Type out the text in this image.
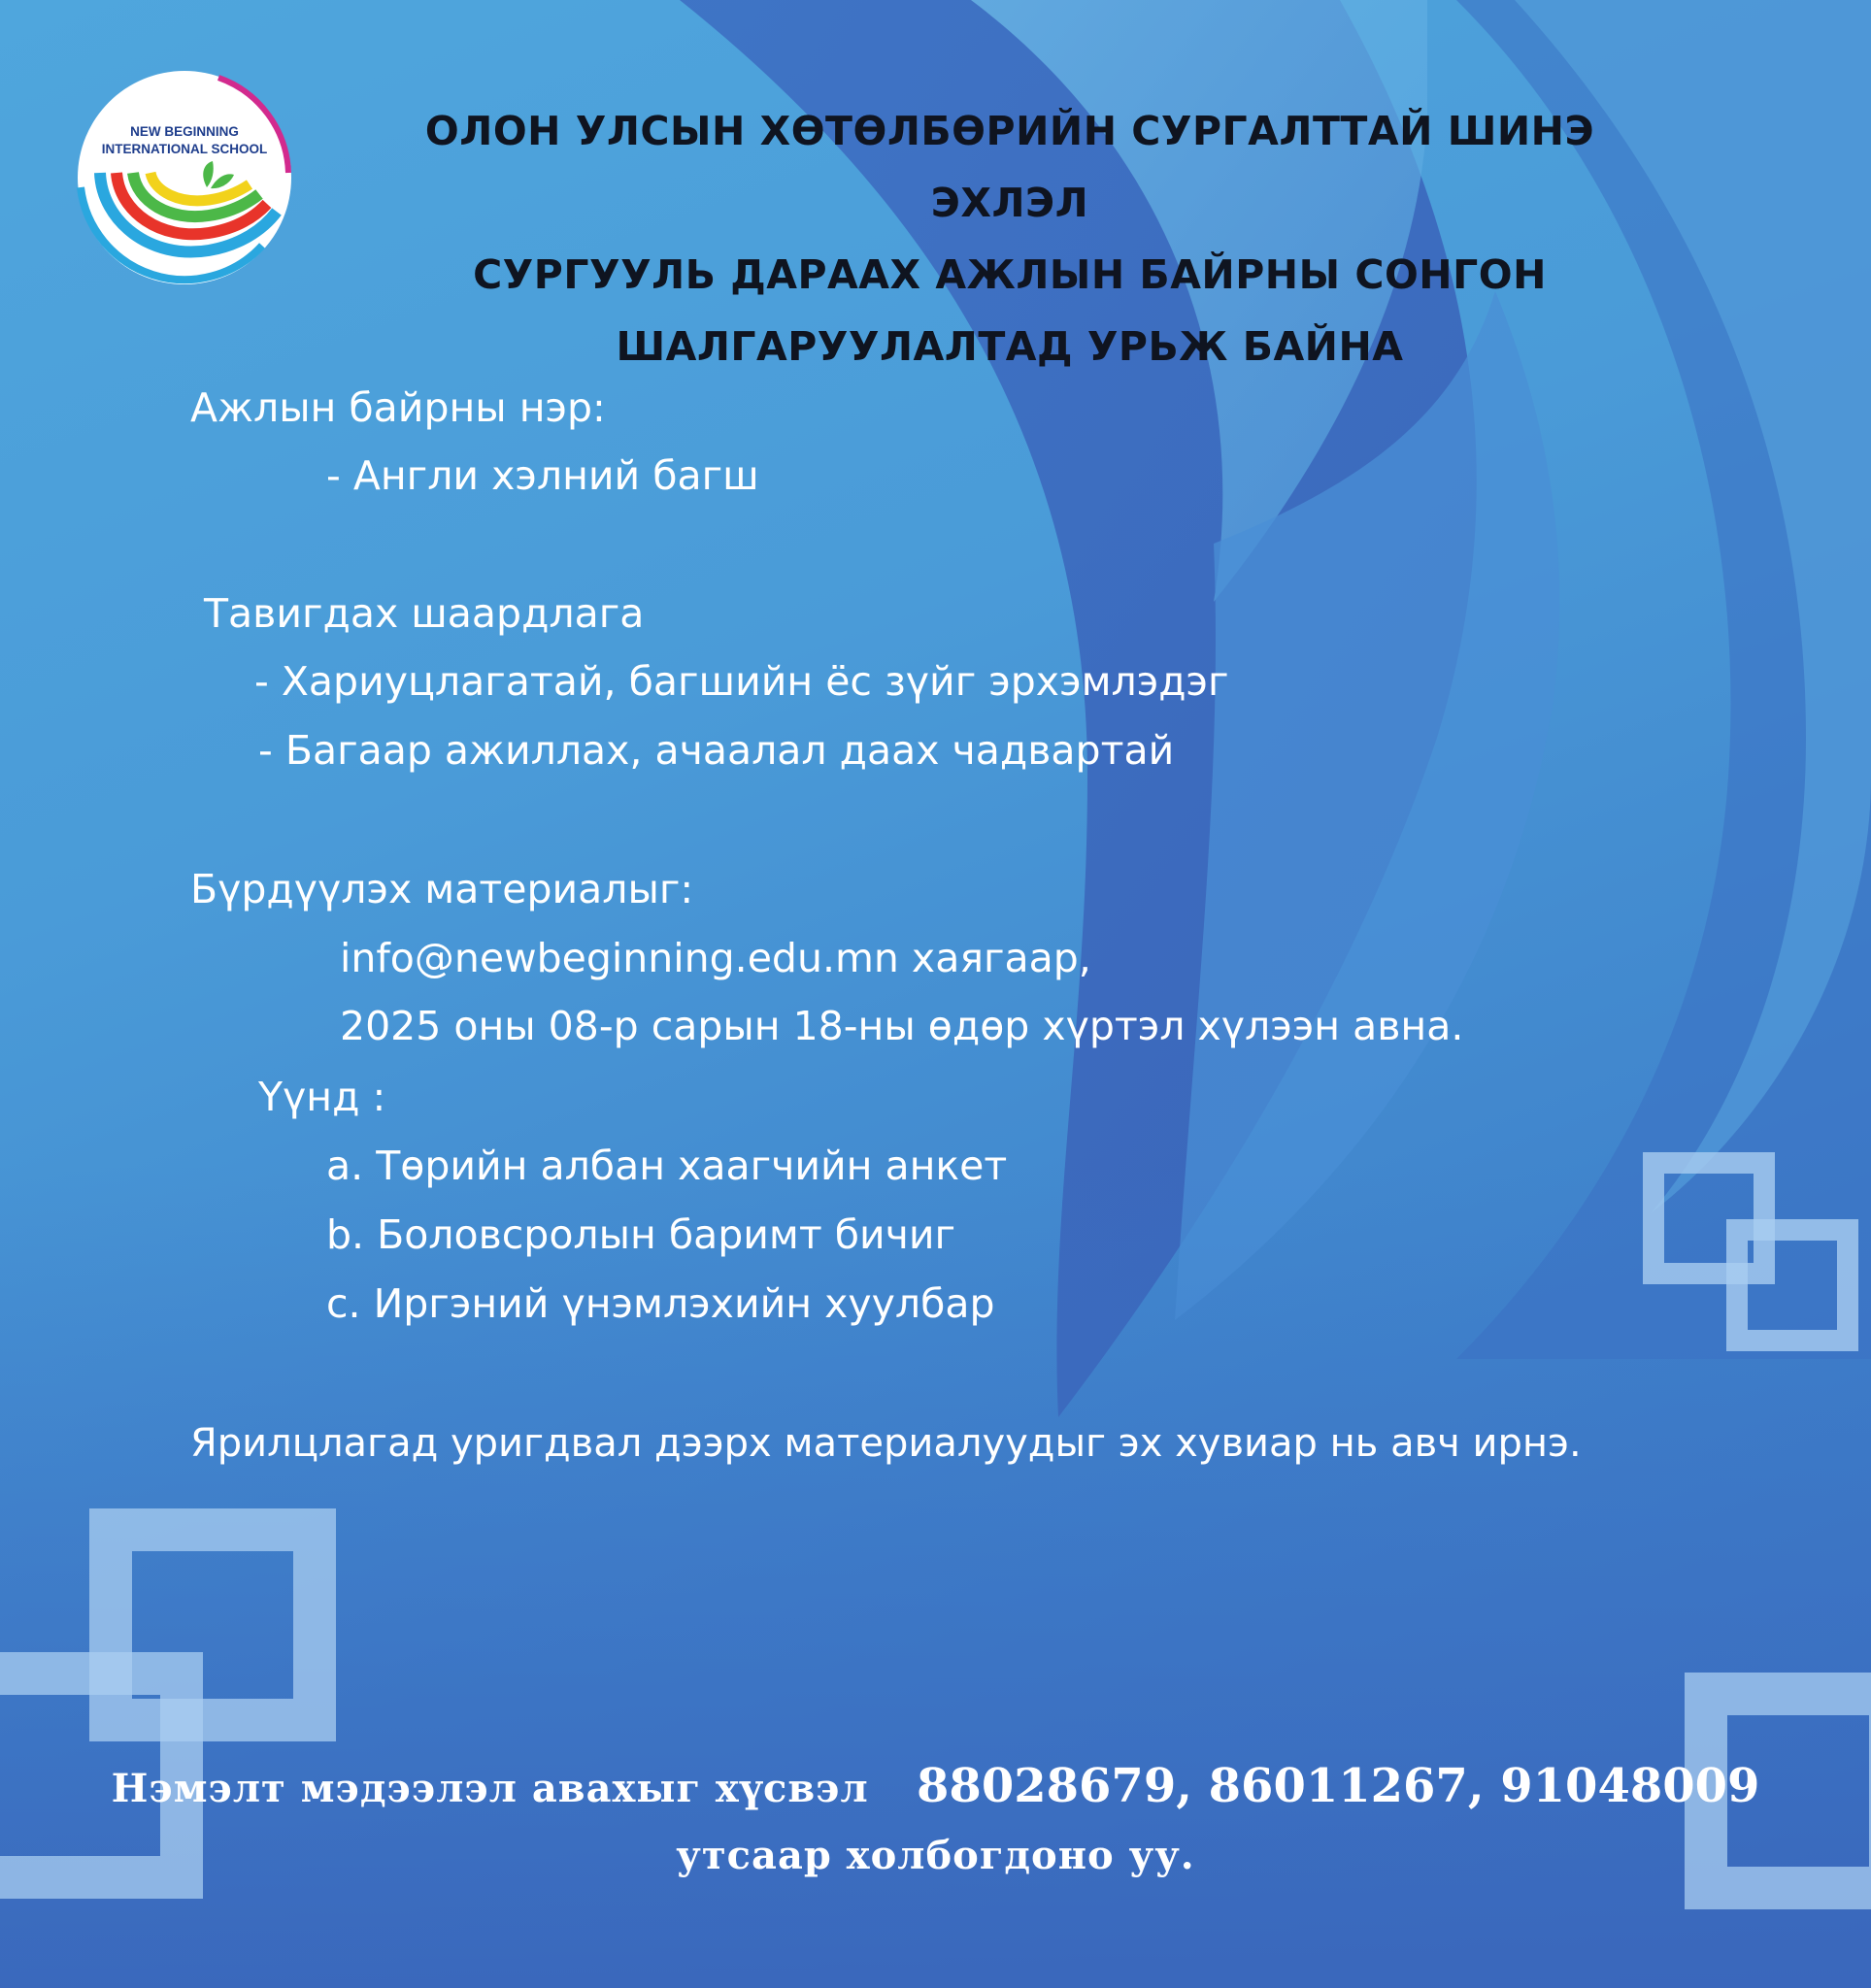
NEW BEGINNING
INTERNATIONAL SCHOOL	ОЛОН УЛСЫН ХӨТӨЛБӨРИЙН СУРГАЛТТАЙ ШИНЭ ЭХЛЭЛ
СУРГУУЛЬ ДАРААХ АЖЛЫН БАЙРНЫ СОНГОН
ШАЛГАРУУЛАЛТАД УРЬЖ БАЙНА
Ажлын байрны нэр:
- Англи хэлний багш
Тавигдах шаардлага
- Хариуцлагатай, багшийн ёс зүйг эрхэмлэдэг
- Багаар ажиллах, ачаалал даах чадвартай
Бүрдүүлэх материалыг:
info@newbeginning.edu.mn хаягаар,
2025 оны 08-р сарын 18-ны өдөр хүртэл хүлээн авна.
Үүнд :
a. Төрийн албан хаагчийн анкет
b. Боловсролын баримт бичиг
c. Иргэний үнэмлэхийн хуулбар
Ярилцлагад уригдвал дээрх материалуудыг эх хувиар нь авч ирнэ.
Нэмэлт мэдээлэл авахыг хүсвэл 88028679, 86011267, 91048009
утсаар холбогдоно уу.
